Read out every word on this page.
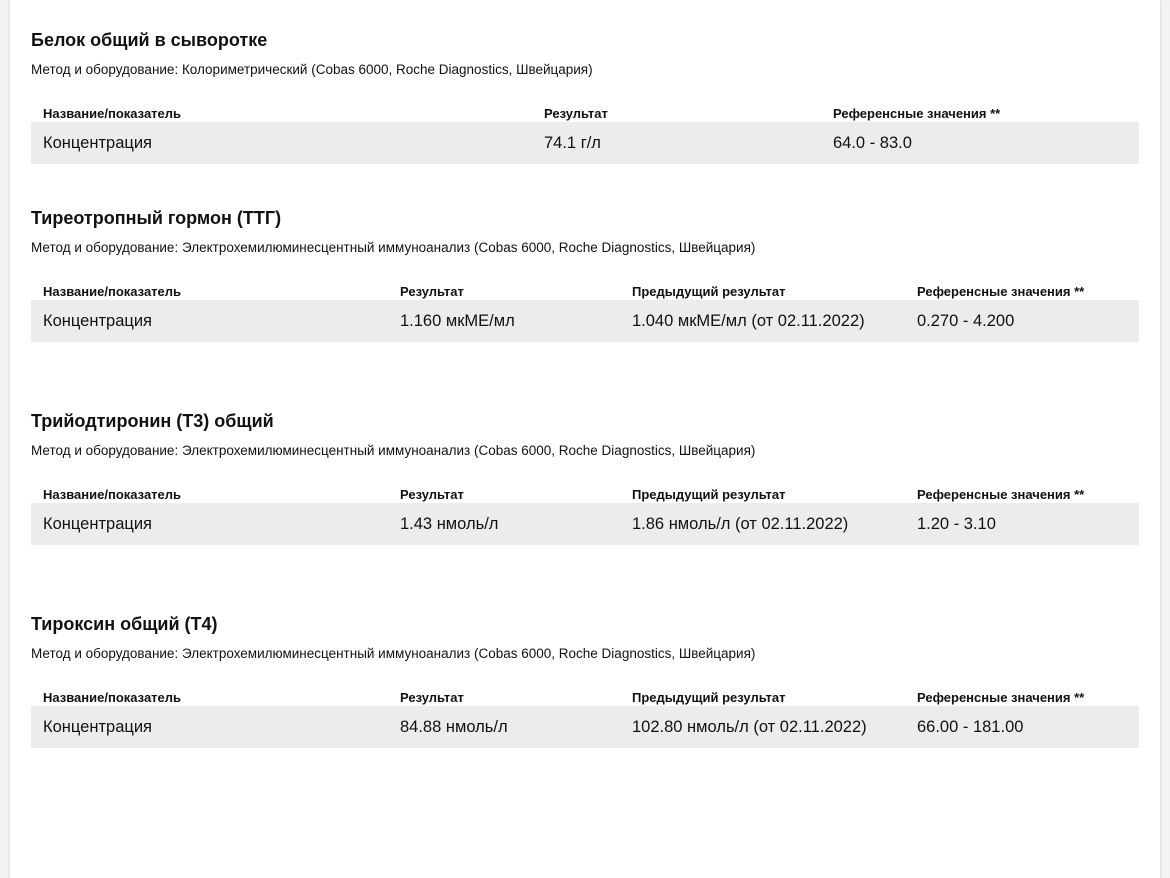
Белок общий в сыворотке
Метод и оборудование: Колориметрический (Cobas 6000, Roche Diagnostics, Швейцария)
Название/показатель	Результат	Референсные значения **
Концентрация	74.1 г/л	64.0 - 83.0
Тиреотропный гормон (ТТГ)
Метод и оборудование: Электрохемилюминесцентный иммуноанализ (Cobas 6000, Roche Diagnostics, Швейцария)
Название/показатель	Результат	Предыдущий результат	Референсные значения **
Концентрация	1.160 мкМЕ/мл	1.040 мкМЕ/мл (от 02.11.2022)	0.270 - 4.200
Трийодтиронин (Т3) общий
Метод и оборудование: Электрохемилюминесцентный иммуноанализ (Cobas 6000, Roche Diagnostics, Швейцария)
Название/показатель	Результат	Предыдущий результат	Референсные значения **
Концентрация	1.43 нмоль/л	1.86 нмоль/л (от 02.11.2022)	1.20 - 3.10
Тироксин общий (Т4)
Метод и оборудование: Электрохемилюминесцентный иммуноанализ (Cobas 6000, Roche Diagnostics, Швейцария)
Название/показатель	Результат	Предыдущий результат	Референсные значения **
Концентрация	84.88 нмоль/л	102.80 нмоль/л (от 02.11.2022)	66.00 - 181.00
